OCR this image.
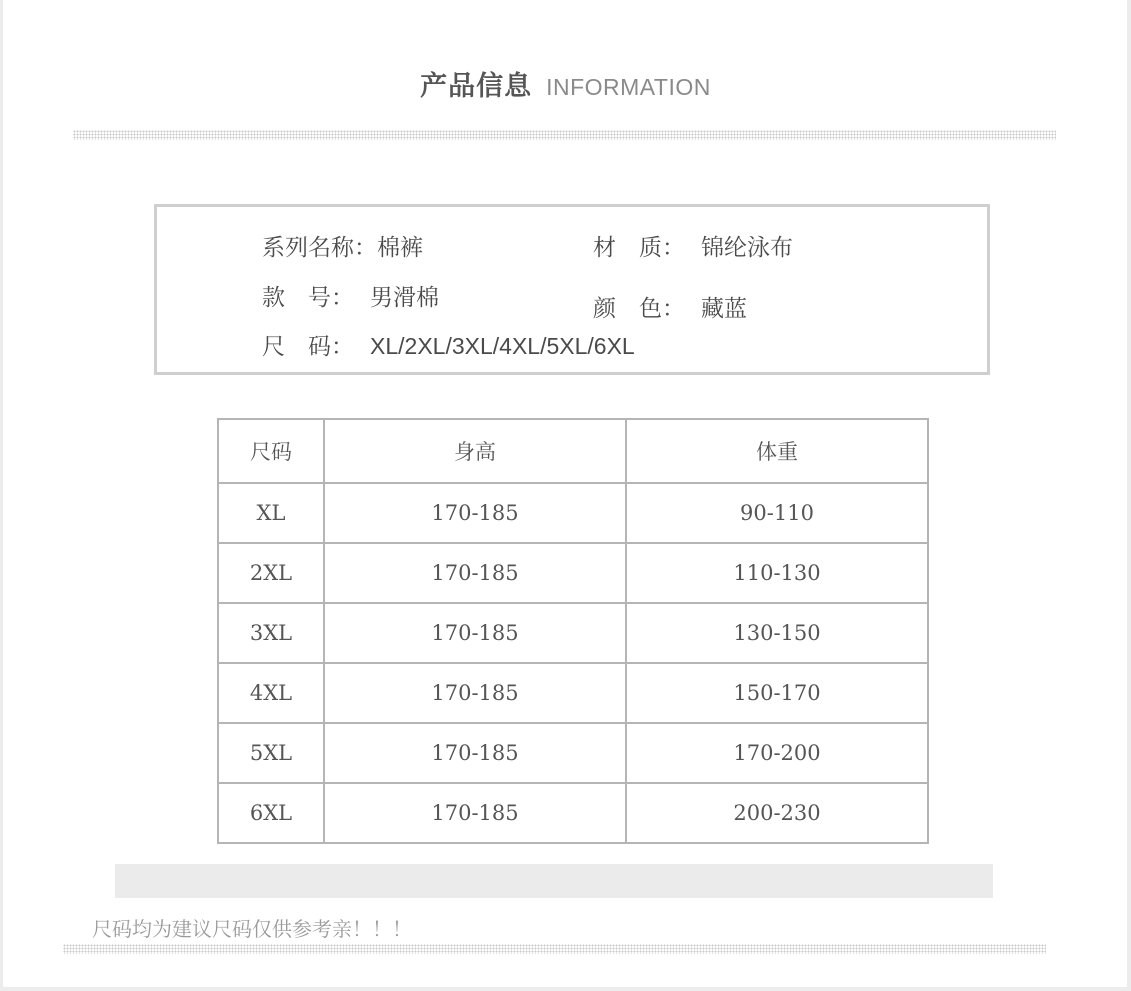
产品信息 INFORMATION
系列名称：棉裤
款　号： 男滑棉
尺　码： XL/2XL/3XL/4XL/5XL/6XL
材　质： 锦纶泳布
颜　色： 藏蓝
尺码	身高	体重
XL	170-185	90-110
2XL	170-185	110-130
3XL	170-185	130-150
4XL	170-185	150-170
5XL	170-185	170-200
6XL	170-185	200-230
尺码均为建议尺码仅供参考亲！！！
